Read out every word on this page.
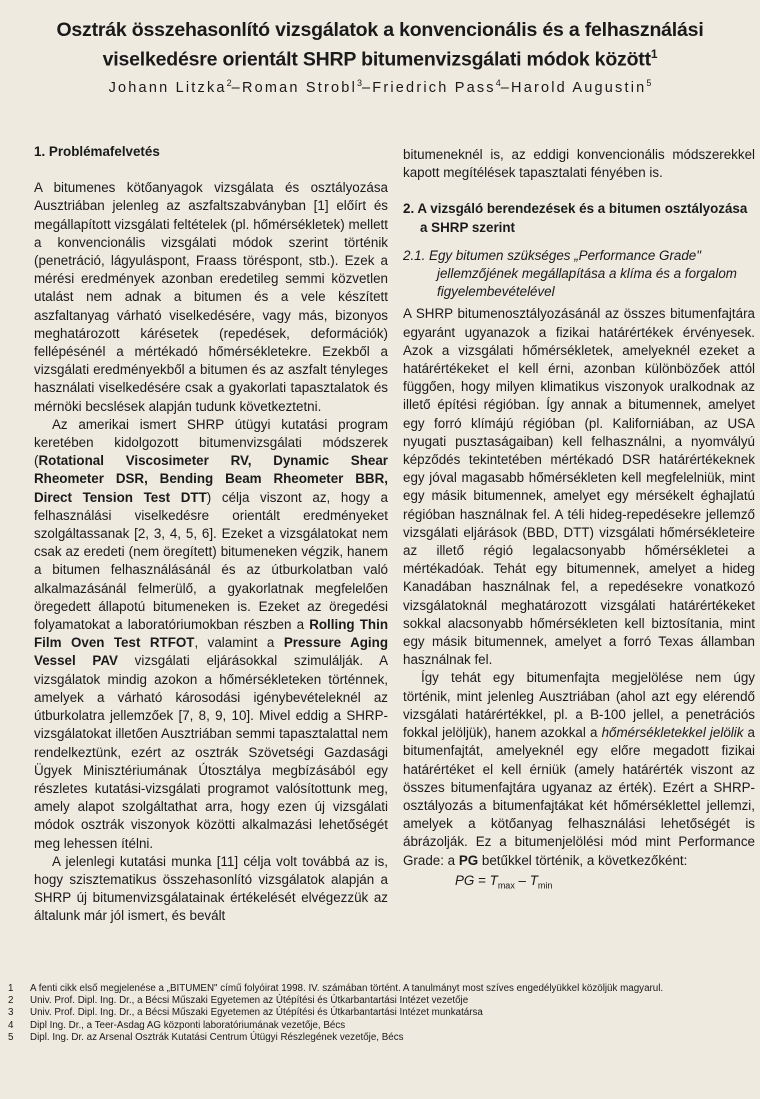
Osztrák összehasonlító vizsgálatok a konvencionális és a felhasználási
viselkedésre orientált SHRP bitumenvizsgálati módok között$^1$
Johann Litzka$^2$–Roman Strobl$^3$–Friedrich Pass$^4$–Harold Augustin$^5$
1. Problémafelvetés

A bitumenes kötőanyagok vizsgálata és osztályozása Ausztriában jelenleg az aszfaltszabványban [1] előírt és megállapított vizsgálati feltételek (pl. hőmérsékletek) mellett a konvencionális vizsgálati módok szerint történik (penetráció, lágyuláspont, Fraass töréspont, stb.). Ezek a mérési eredmények azonban eredetileg semmi közvetlen utalást nem adnak a bitumen és a vele készített aszfaltanyag várható viselkedésére, vagy más, bizonyos meghatározott kárésetek (repedések, deformációk) fellépésénél a mértékadó hőmérsékletekre. Ezekből a vizsgálati eredményekből a bitumen és az aszfalt tényleges használati viselkedésére csak a gyakorlati tapasztalatok és mérnöki becslések alapján tudunk következtetni.

Az amerikai ismert SHRP útügyi kutatási program keretében kidolgozott bitumenvizsgálati módszerek (Rotational Viscosimeter RV, Dynamic Shear Rheometer DSR, Bending Beam Rheometer BBR, Direct Tension Test DTT) célja viszont az, hogy a felhasználási viselkedésre orientált eredményeket szolgáltassanak [2, 3, 4, 5, 6]. Ezeket a vizsgálatokat nem csak az eredeti (nem öregített) bitumeneken végzik, hanem a bitumen felhasználásánál és az útburkolatban való alkalmazásánál felmerülő, a gyakorlatnak megfelelően öregedett állapotú bitumeneken is. Ezeket az öregedési folyamatokat a laboratóriumokban részben a Rolling Thin Film Oven Test RTFOT, valamint a Pressure Aging Vessel PAV vizsgálati eljárásokkal szimulálják. A vizsgálatok mindig azokon a hőmérsékleteken történnek, amelyek a várható károsodási igénybevételeknél az útburkolatra jellemzőek [7, 8, 9, 10]. Mivel eddig a SHRP-vizsgálatokat illetően Ausztriában semmi tapasztalattal nem rendelkeztünk, ezért az osztrák Szövetségi Gazdasági Ügyek Minisztériumának Útosztálya megbízásából egy részletes kutatási-vizsgálati programot valósítottunk meg, amely alapot szolgáltathat arra, hogy ezen új vizsgálati módok osztrák viszonyok közötti alkalmazási lehetőségét meg lehessen ítélni.

A jelenlegi kutatási munka [11] célja volt továbbá az is, hogy szisztematikus összehasonlító vizsgálatok alapján a SHRP új bitumenvizsgálatainak értékelését elvégezzük az általunk már jól ismert, és bevált

bitumeneknél is, az eddigi konvencionális módszerekkel kapott megítélések tapasztalati fényében is.

2. A vizsgáló berendezések és a bitumen osztályozása a SHRP szerint
2.1. Egy bitumen szükséges „Performance Grade" jellemzőjének megállapítása a klíma és a forgalom figyelembevételével

A SHRP bitumenosztályozásánál az összes bitumenfajtára egyaránt ugyanazok a fizikai határértékek érvényesek. Azok a vizsgálati hőmérsékletek, amelyeknél ezeket a határértékeket el kell érni, azonban különbözőek attól függően, hogy milyen klimatikus viszonyok uralkodnak az illető építési régióban. Így annak a bitumennek, amelyet egy forró klímájú régióban (pl. Kaliforniában, az USA nyugati pusztaságaiban) kell felhasználni, a nyomvályú képződés tekintetében mértékadó DSR határértékeknek egy jóval magasabb hőmérsékleten kell megfelelniük, mint egy másik bitumennek, amelyet egy mérsékelt éghajlatú régióban használnak fel. A téli hideg-repedésekre jellemző vizsgálati eljárások (BBD, DTT) vizsgálati hőmérsékleteire az illető régió legalacsonyabb hőmérsékletei a mértékadóak. Tehát egy bitumennek, amelyet a hideg Kanadában használnak fel, a repedésekre vonatkozó vizsgálatoknál meghatározott vizsgálati határértékeket sokkal alacsonyabb hőmérsékleten kell biztosítania, mint egy másik bitumennek, amelyet a forró Texas államban használnak fel.

Így tehát egy bitumenfajta megjelölése nem úgy történik, mint jelenleg Ausztriában (ahol azt egy elérendő vizsgálati határértékkel, pl. a B-100 jellel, a penetrációs fokkal jelöljük), hanem azokkal a hőmérsékletekkel jelölik a bitumenfajtát, amelyeknél egy előre megadott fizikai határértéket el kell érniük (amely határérték viszont az összes bitumenfajtára ugyanaz az érték). Ezért a SHRP-osztályozás a bitumenfajtákat két hőmérséklettel jellemzi, amelyek a kötőanyag felhasználási lehetőségét is ábrázolják. Ez a bitumenjelölési mód mint Performance Grade: a PG betűkkel történik, a következőként:

PG = $T_{max} - T_{min}$
1	A fenti cikk első megjelenése a „BITUMEN" című folyóirat 1998. IV. számában történt. A tanulmányt most szíves engedélyükkel közöljük magyarul.
2	Univ. Prof. Dipl. Ing. Dr., a Bécsi Műszaki Egyetemen az Útépítési és Útkarbantartási Intézet vezetője
3	Univ. Prof. Dipl. Ing. Dr., a Bécsi Műszaki Egyetemen az Útépítési és Útkarbantartási Intézet munkatársa
4	Dipl Ing. Dr., a Teer-Asdag AG központi laboratóriumának vezetője, Bécs
5	Dipl. Ing. Dr. az Arsenal Osztrák Kutatási Centrum Útügyi Részlegének vezetője, Bécs
